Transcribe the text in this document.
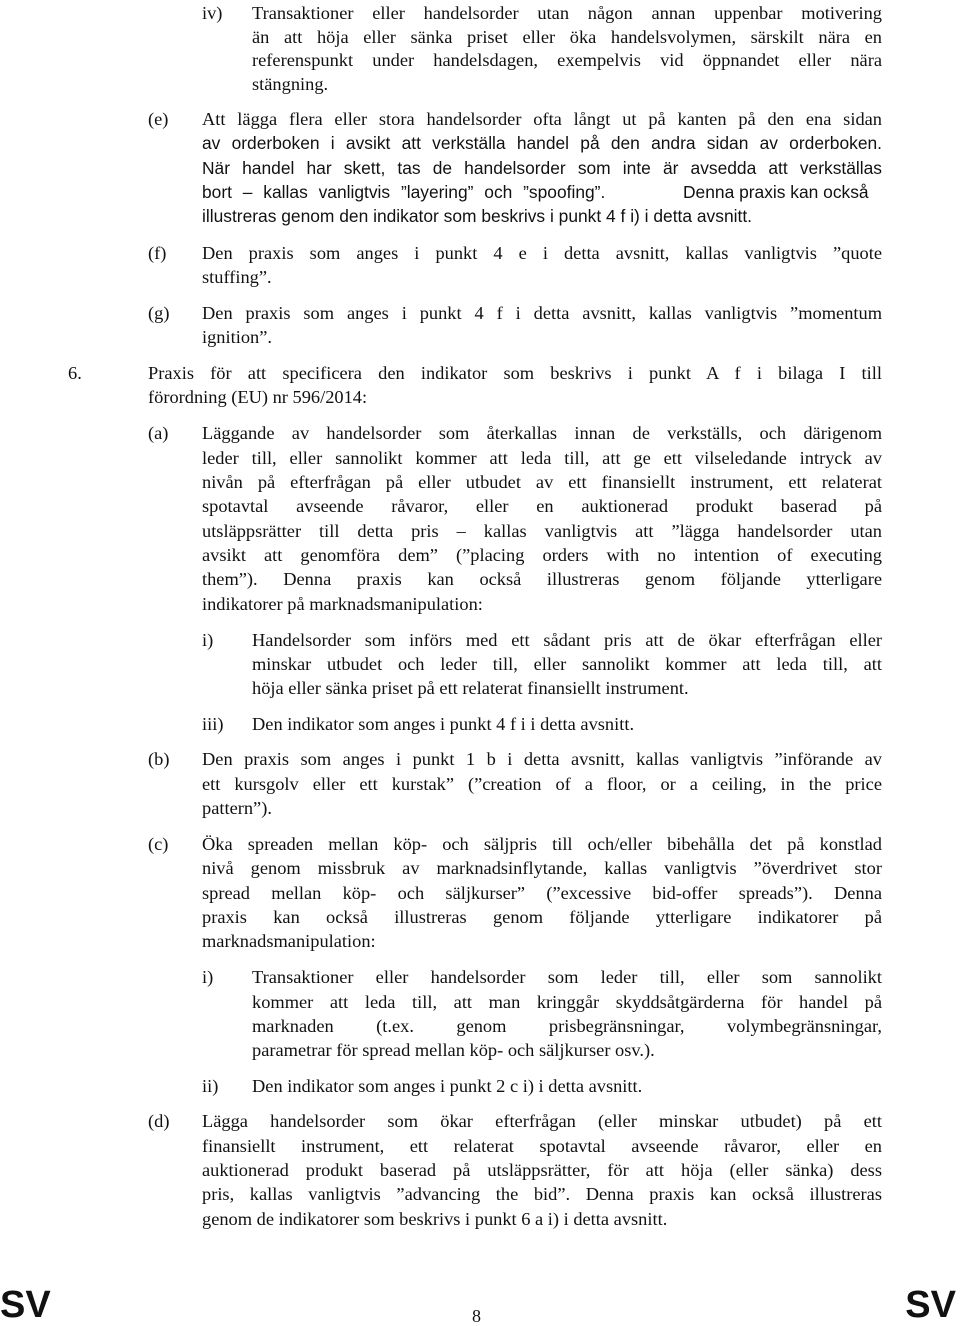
iv)
(e)
(f)
(g)
6.
(a)
i)
iii)
(b)
(c)
i)
ii)
(d)
Transaktioner eller handelsorder utan någon annan uppenbar motivering
än att höja eller sänka priset eller öka handelsvolymen, särskilt nära en
referenspunkt under handelsdagen, exempelvis vid öppnandet eller nära
stängning.
Att lägga flera eller stora handelsorder ofta långt ut på kanten på den ena sidan
av orderboken i avsikt att verkställa handel på den andra sidan av orderboken.
När handel har skett, tas de handelsorder som inte är avsedda att verkställas
bort – kallas vanligtvis ”layering” och ”spoofing”.	Denna praxis kan också
illustreras genom den indikator som beskrivs i punkt 4 f i) i detta avsnitt.
Den praxis som anges i punkt 4 e i detta avsnitt, kallas vanligtvis ”quote
stuffing”.
Den praxis som anges i punkt 4 f i detta avsnitt, kallas vanligtvis ”momentum
ignition”.
Praxis för att specificera den indikator som beskrivs i punkt A f i bilaga I till
förordning (EU) nr 596/2014:
Läggande av handelsorder som återkallas innan de verkställs, och därigenom
leder till, eller sannolikt kommer att leda till, att ge ett vilseledande intryck av
nivån på efterfrågan på eller utbudet av ett finansiellt instrument, ett relaterat
spotavtal avseende råvaror, eller en auktionerad produkt baserad på
utsläppsrätter till detta pris – kallas vanligtvis att ”lägga handelsorder utan
avsikt att genomföra dem” (”placing orders with no intention of executing
them”). Denna praxis kan också illustreras genom följande ytterligare
indikatorer på marknadsmanipulation:
Handelsorder som införs med ett sådant pris att de ökar efterfrågan eller
minskar utbudet och leder till, eller sannolikt kommer att leda till, att
höja eller sänka priset på ett relaterat finansiellt instrument.
Den indikator som anges i punkt 4 f i i detta avsnitt.
Den praxis som anges i punkt 1 b i detta avsnitt, kallas vanligtvis ”införande av
ett kursgolv eller ett kurstak” (”creation of a floor, or a ceiling, in the price
pattern”).
Öka spreaden mellan köp- och säljpris till och/eller bibehålla det på konstlad
nivå genom missbruk av marknadsinflytande, kallas vanligtvis ”överdrivet stor
spread mellan köp- och säljkurser” (”excessive bid-offer spreads”). Denna
praxis kan också illustreras genom följande ytterligare indikatorer på
marknadsmanipulation:
Transaktioner eller handelsorder som leder till, eller som sannolikt
kommer att leda till, att man kringgår skyddsåtgärderna för handel på
marknaden (t.ex. genom prisbegränsningar, volymbegränsningar,
parametrar för spread mellan köp- och säljkurser osv.).
Den indikator som anges i punkt 2 c i) i detta avsnitt.
Lägga handelsorder som ökar efterfrågan (eller minskar utbudet) på ett
finansiellt instrument, ett relaterat spotavtal avseende råvaror, eller en
auktionerad produkt baserad på utsläppsrätter, för att höja (eller sänka) dess
pris, kallas vanligtvis ”advancing the bid”. Denna praxis kan också illustreras
genom de indikatorer som beskrivs i punkt 6 a i) i detta avsnitt.
SV	8	SV
